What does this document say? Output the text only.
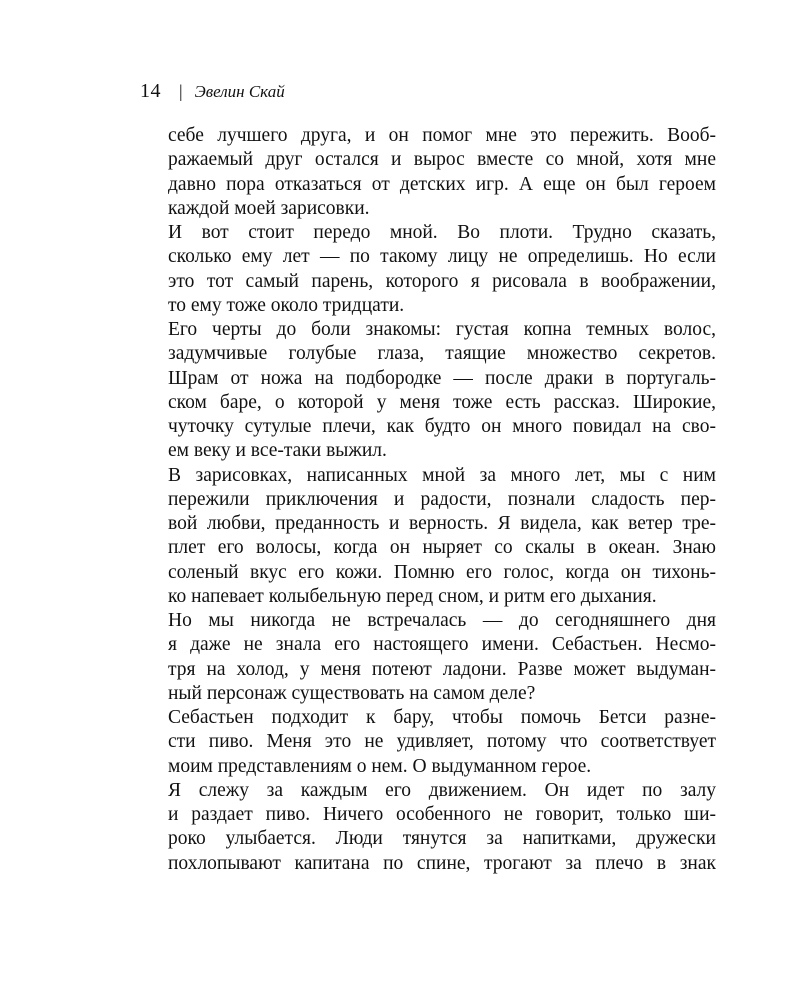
14 | Эвелин Скай

себе лучшего друга, и он помог мне это пережить. Вооб-
ражаемый друг остался и вырос вместе со мной, хотя мне
давно пора отказаться от детских игр. А еще он был героем
каждой моей зарисовки.

И вот стоит передо мной. Во плоти. Трудно сказать,
сколько ему лет — по такому лицу не определишь. Но если
это тот самый парень, которого я рисовала в воображении,
то ему тоже около тридцати.

Его черты до боли знакомы: густая копна темных волос,
задумчивые голубые глаза, таящие множество секретов.
Шрам от ножа на подбородке — после драки в португаль-
ском баре, о которой у меня тоже есть рассказ. Широкие,
чуточку сутулые плечи, как будто он много повидал на сво-
ем веку и все-таки выжил.

В зарисовках, написанных мной за много лет, мы с ним
пережили приключения и радости, познали сладость пер-
вой любви, преданность и верность. Я видела, как ветер тре-
плет его волосы, когда он ныряет со скалы в океан. Знаю
соленый вкус его кожи. Помню его голос, когда он тихонь-
ко напевает колыбельную перед сном, и ритм его дыхания.

Но мы никогда не встречалась — до сегодняшнего дня
я даже не знала его настоящего имени. Себастьен. Несмо-
тря на холод, у меня потеют ладони. Разве может выдуман-
ный персонаж существовать на самом деле?

Себастьен подходит к бару, чтобы помочь Бетси разне-
сти пиво. Меня это не удивляет, потому что соответствует
моим представлениям о нем. О выдуманном герое.

Я слежу за каждым его движением. Он идет по залу
и раздает пиво. Ничего особенного не говорит, только ши-
роко улыбается. Люди тянутся за напитками, дружески
похлопывают капитана по спине, трогают за плечо в знак
